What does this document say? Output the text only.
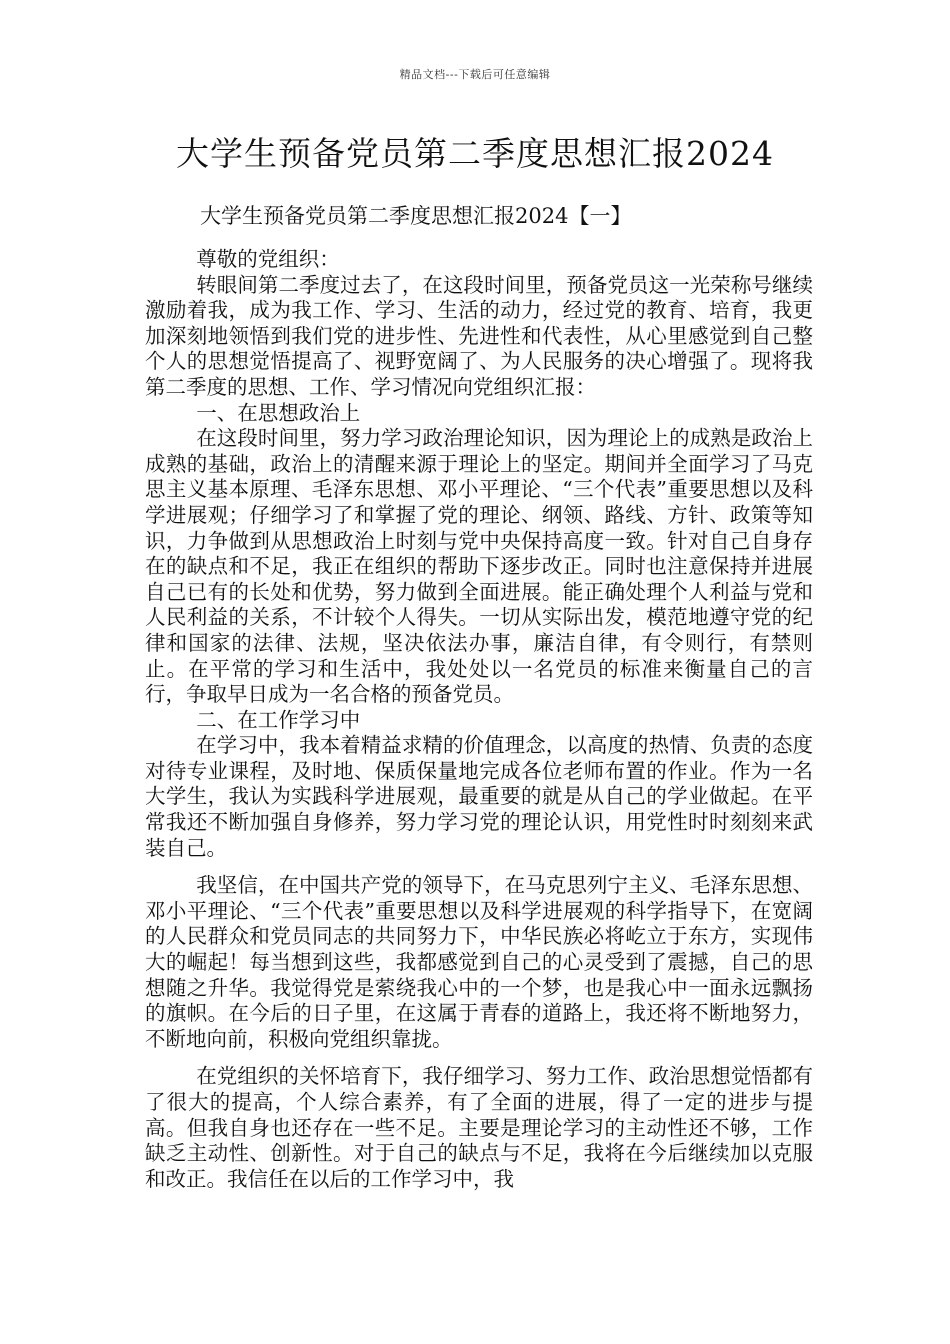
精品文档---下载后可任意编辑
大学生预备党员第二季度思想汇报2024
大学生预备党员第二季度思想汇报2024【一】

尊敬的党组织：

转眼间第二季度过去了，在这段时间里，预备党员这一光荣称号继续激励着我，成为我工作、学习、生活的动力，经过党的教育、培育，我更加深刻地领悟到我们党的进步性、先进性和代表性，从心里感觉到自己整个人的思想觉悟提高了、视野宽阔了、为人民服务的决心增强了。现将我第二季度的思想、工作、学习情况向党组织汇报：

一、在思想政治上

在这段时间里，努力学习政治理论知识，因为理论上的成熟是政治上成熟的基础，政治上的清醒来源于理论上的坚定。期间并全面学习了马克思主义基本原理、毛泽东思想、邓小平理论、“三个代表”重要思想以及科学进展观；仔细学习了和掌握了党的理论、纲领、路线、方针、政策等知识，力争做到从思想政治上时刻与党中央保持高度一致。针对自己自身存在的缺点和不足，我正在组织的帮助下逐步改正。同时也注意保持并进展自己已有的长处和优势，努力做到全面进展。能正确处理个人利益与党和人民利益的关系，不计较个人得失。一切从实际出发，模范地遵守党的纪律和国家的法律、法规，坚决依法办事，廉洁自律，有令则行，有禁则止。在平常的学习和生活中，我处处以一名党员的标准来衡量自己的言行，争取早日成为一名合格的预备党员。

二、在工作学习中

在学习中，我本着精益求精的价值理念，以高度的热情、负责的态度对待专业课程，及时地、保质保量地完成各位老师布置的作业。作为一名大学生，我认为实践科学进展观，最重要的就是从自己的学业做起。在平常我还不断加强自身修养，努力学习党的理论认识，用党性时时刻刻来武装自己。

我坚信，在中国共产党的领导下，在马克思列宁主义、毛泽东思想、邓小平理论、“三个代表”重要思想以及科学进展观的科学指导下，在宽阔的人民群众和党员同志的共同努力下，中华民族必将屹立于东方，实现伟大的崛起！每当想到这些，我都感觉到自己的心灵受到了震撼，自己的思想随之升华。我觉得党是萦绕我心中的一个梦，也是我心中一面永远飘扬的旗帜。在今后的日子里，在这属于青春的道路上，我还将不断地努力，不断地向前，积极向党组织靠拢。

在党组织的关怀培育下，我仔细学习、努力工作、政治思想觉悟都有了很大的提高，个人综合素养，有了全面的进展，得了一定的进步与提高。但我自身也还存在一些不足。主要是理论学习的主动性还不够，工作缺乏主动性、创新性。对于自己的缺点与不足，我将在今后继续加以克服和改正。我信任在以后的工作学习中，我
